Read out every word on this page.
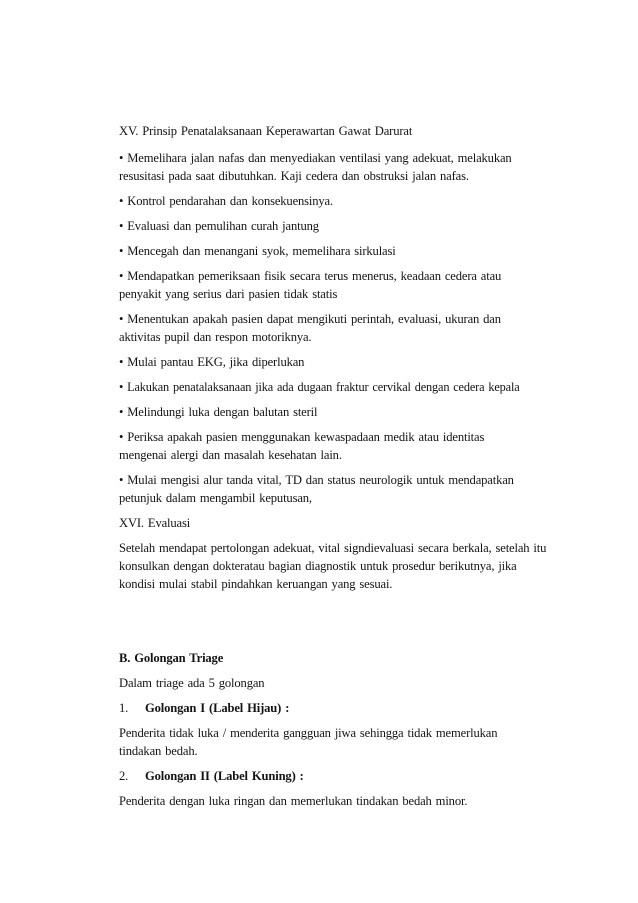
XV. Prinsip Penatalaksanaan Keperawartan Gawat Darurat

• Memelihara jalan nafas dan menyediakan ventilasi yang adekuat, melakukan resusitasi pada saat dibutuhkan. Kaji cedera dan obstruksi jalan nafas.

• Kontrol pendarahan dan konsekuensinya.

• Evaluasi dan pemulihan curah jantung

• Mencegah dan menangani syok, memelihara sirkulasi

• Mendapatkan pemeriksaan fisik secara terus menerus, keadaan cedera atau penyakit yang serius dari pasien tidak statis

• Menentukan apakah pasien dapat mengikuti perintah, evaluasi, ukuran dan aktivitas pupil dan respon motoriknya.

• Mulai pantau EKG, jika diperlukan

• Lakukan penatalaksanaan jika ada dugaan fraktur cervikal dengan cedera kepala

• Melindungi luka dengan balutan steril

• Periksa apakah pasien menggunakan kewaspadaan medik atau identitas mengenai alergi dan masalah kesehatan lain.

• Mulai mengisi alur tanda vital, TD dan status neurologik untuk mendapatkan petunjuk dalam mengambil keputusan,

XVI. Evaluasi

Setelah mendapat pertolongan adekuat, vital signdievaluasi secara berkala, setelah itu konsulkan dengan dokteratau bagian diagnostik untuk prosedur berikutnya, jika kondisi mulai stabil pindahkan keruangan yang sesuai.

B. Golongan Triage

Dalam triage ada 5 golongan

1. Golongan I (Label Hijau) :

Penderita tidak luka / menderita gangguan jiwa sehingga tidak memerlukan tindakan bedah.

2. Golongan II (Label Kuning) :

Penderita dengan luka ringan dan memerlukan tindakan bedah minor.
